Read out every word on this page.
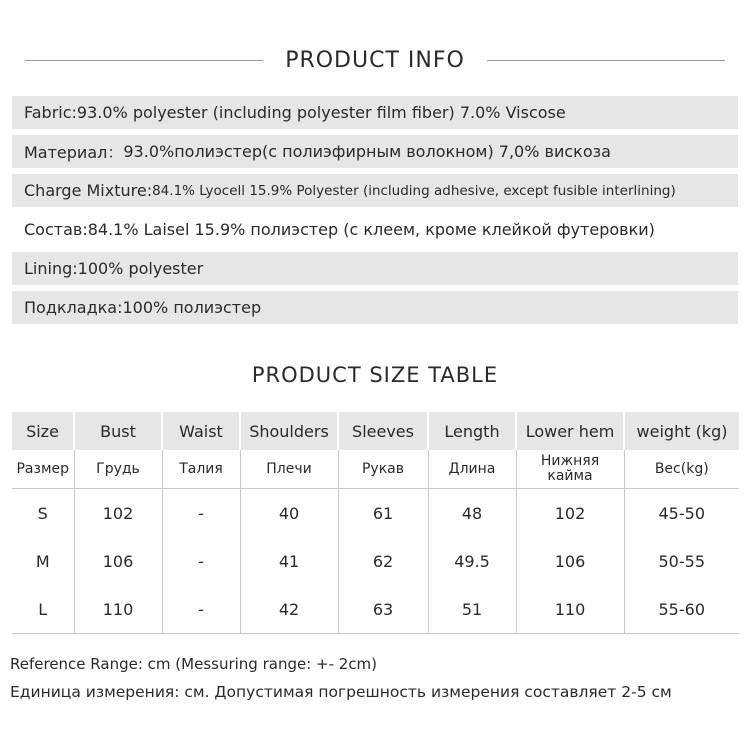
PRODUCT INFO
Fabric: 93.0% polyester (including polyester film fiber) 7.0% Viscose
Материал： 93.0%полиэстер(с полиэфирным волокном) 7,0% вискоза
Charge Mixture: 84.1% Lyocell 15.9% Polyester (including adhesive, except fusible interlining)
Состав: 84.1% Laisel 15.9% полиэстер (с клеем, кроме клейкой футеровки)
Lining: 100% polyester
Подкладка: 100% полиэстер
PRODUCT SIZE TABLE
Size	Bust	Waist	Shoulders	Sleeves	Length	Lower hem	weight (kg)
Размер	Грудь	Талия	Плечи	Рукав	Длина	Нижняя кайма	Вес(kg)
S	102	-	40	61	48	102	45-50
M	106	-	41	62	49.5	106	50-55
L	110	-	42	63	51	110	55-60
Reference Range: cm (Messuring range: +- 2cm)
Единица измерения: см. Допустимая погрешность измерения составляет 2-5 см
